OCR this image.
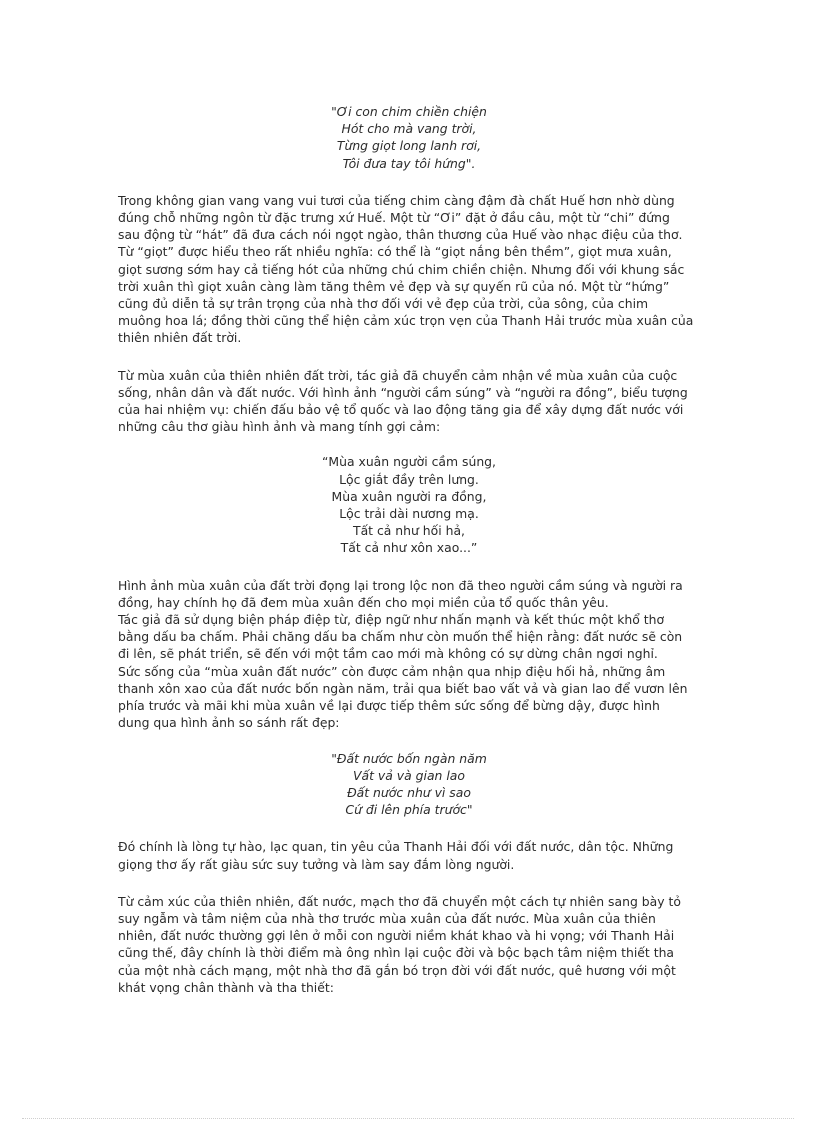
"Ơi con chim chiền chiện
Hót cho mà vang trời,
Từng giọt long lanh rơi,
Tôi đưa tay tôi hứng".
Trong không gian vang vang vui tươi của tiếng chim càng đậm đà chất Huế hơn nhờ dùng
đúng chỗ những ngôn từ đặc trưng xứ Huế. Một từ “Ơi” đặt ở đầu câu, một từ “chi” đứng
sau động từ “hát” đã đưa cách nói ngọt ngào, thân thương của Huế vào nhạc điệu của thơ.
Từ “giọt” được hiểu theo rất nhiều nghĩa: có thể là “giọt nắng bên thềm”, giọt mưa xuân,
giọt sương sớm hay cả tiếng hót của những chú chim chiền chiện. Nhưng đối với khung sắc
trời xuân thì giọt xuân càng làm tăng thêm vẻ đẹp và sự quyến rũ của nó. Một từ “hứng”
cũng đủ diễn tả sự trân trọng của nhà thơ đối với vẻ đẹp của trời, của sông, của chim
muông hoa lá; đồng thời cũng thể hiện cảm xúc trọn vẹn của Thanh Hải trước mùa xuân của
thiên nhiên đất trời.
Từ mùa xuân của thiên nhiên đất trời, tác giả đã chuyển cảm nhận về mùa xuân của cuộc
sống, nhân dân và đất nước. Với hình ảnh “người cầm súng” và “người ra đồng”, biểu tượng
của hai nhiệm vụ: chiến đấu bảo vệ tổ quốc và lao động tăng gia để xây dựng đất nước với
những câu thơ giàu hình ảnh và mang tính gợi cảm:
“Mùa xuân người cầm súng,
Lộc giắt đầy trên lưng.
Mùa xuân người ra đồng,
Lộc trải dài nương mạ.
Tất cả như hối hả,
Tất cả như xôn xao...”
Hình ảnh mùa xuân của đất trời đọng lại trong lộc non đã theo người cầm súng và người ra
đồng, hay chính họ đã đem mùa xuân đến cho mọi miền của tổ quốc thân yêu.
Tác giả đã sử dụng biện pháp điệp từ, điệp ngữ như nhấn mạnh và kết thúc một khổ thơ
bằng dấu ba chấm. Phải chăng dấu ba chấm như còn muốn thể hiện rằng: đất nước sẽ còn
đi lên, sẽ phát triển, sẽ đến với một tầm cao mới mà không có sự dừng chân ngơi nghỉ.
Sức sống của “mùa xuân đất nước” còn được cảm nhận qua nhịp điệu hối hả, những âm
thanh xôn xao của đất nước bốn ngàn năm, trải qua biết bao vất vả và gian lao để vươn lên
phía trước và mãi khi mùa xuân về lại được tiếp thêm sức sống để bừng dậy, được hình
dung qua hình ảnh so sánh rất đẹp:
"Đất nước bốn ngàn năm
Vất vả và gian lao
Đất nước như vì sao
Cứ đi lên phía trước"
Đó chính là lòng tự hào, lạc quan, tin yêu của Thanh Hải đối với đất nước, dân tộc. Những
giọng thơ ấy rất giàu sức suy tưởng và làm say đắm lòng người.
Từ cảm xúc của thiên nhiên, đất nước, mạch thơ đã chuyển một cách tự nhiên sang bày tỏ
suy ngẫm và tâm niệm của nhà thơ trước mùa xuân của đất nước. Mùa xuân của thiên
nhiên, đất nước thường gợi lên ở mỗi con người niềm khát khao và hi vọng; với Thanh Hải
cũng thế, đây chính là thời điểm mà ông nhìn lại cuộc đời và bộc bạch tâm niệm thiết tha
của một nhà cách mạng, một nhà thơ đã gắn bó trọn đời với đất nước, quê hương với một
khát vọng chân thành và tha thiết:
